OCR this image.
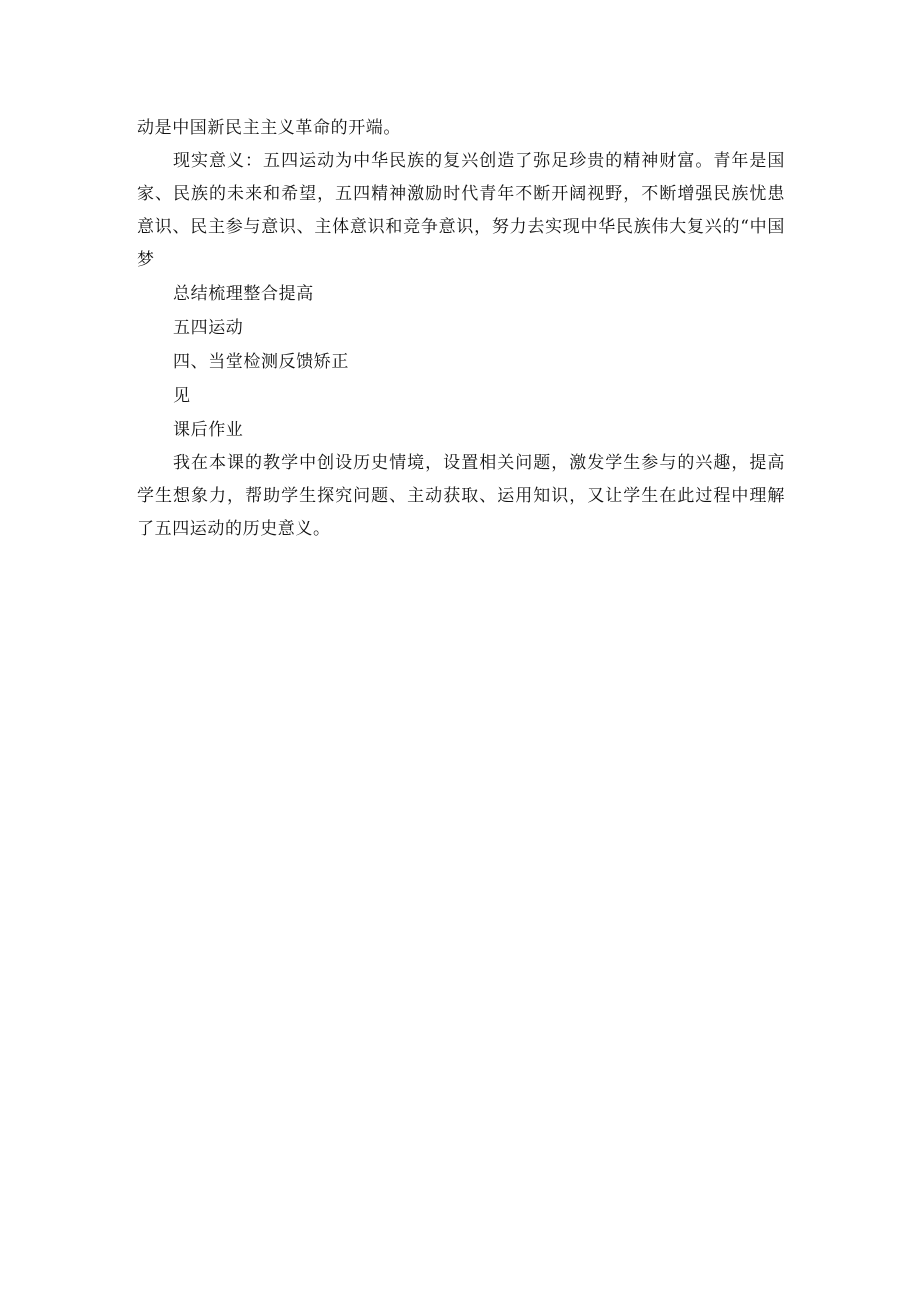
动是中国新民主主义革命的开端。

现实意义：五四运动为中华民族的复兴创造了弥足珍贵的精神财富。青年是国家、民族的未来和希望，五四精神激励时代青年不断开阔视野，不断增强民族忧患意识、民主参与意识、主体意识和竞争意识，努力去实现中华民族伟大复兴的“中国梦

总结梳理整合提高

五四运动

四、当堂检测反馈矫正

见

课后作业

我在本课的教学中创设历史情境，设置相关问题，激发学生参与的兴趣，提高学生想象力，帮助学生探究问题、主动获取、运用知识，又让学生在此过程中理解了五四运动的历史意义。
